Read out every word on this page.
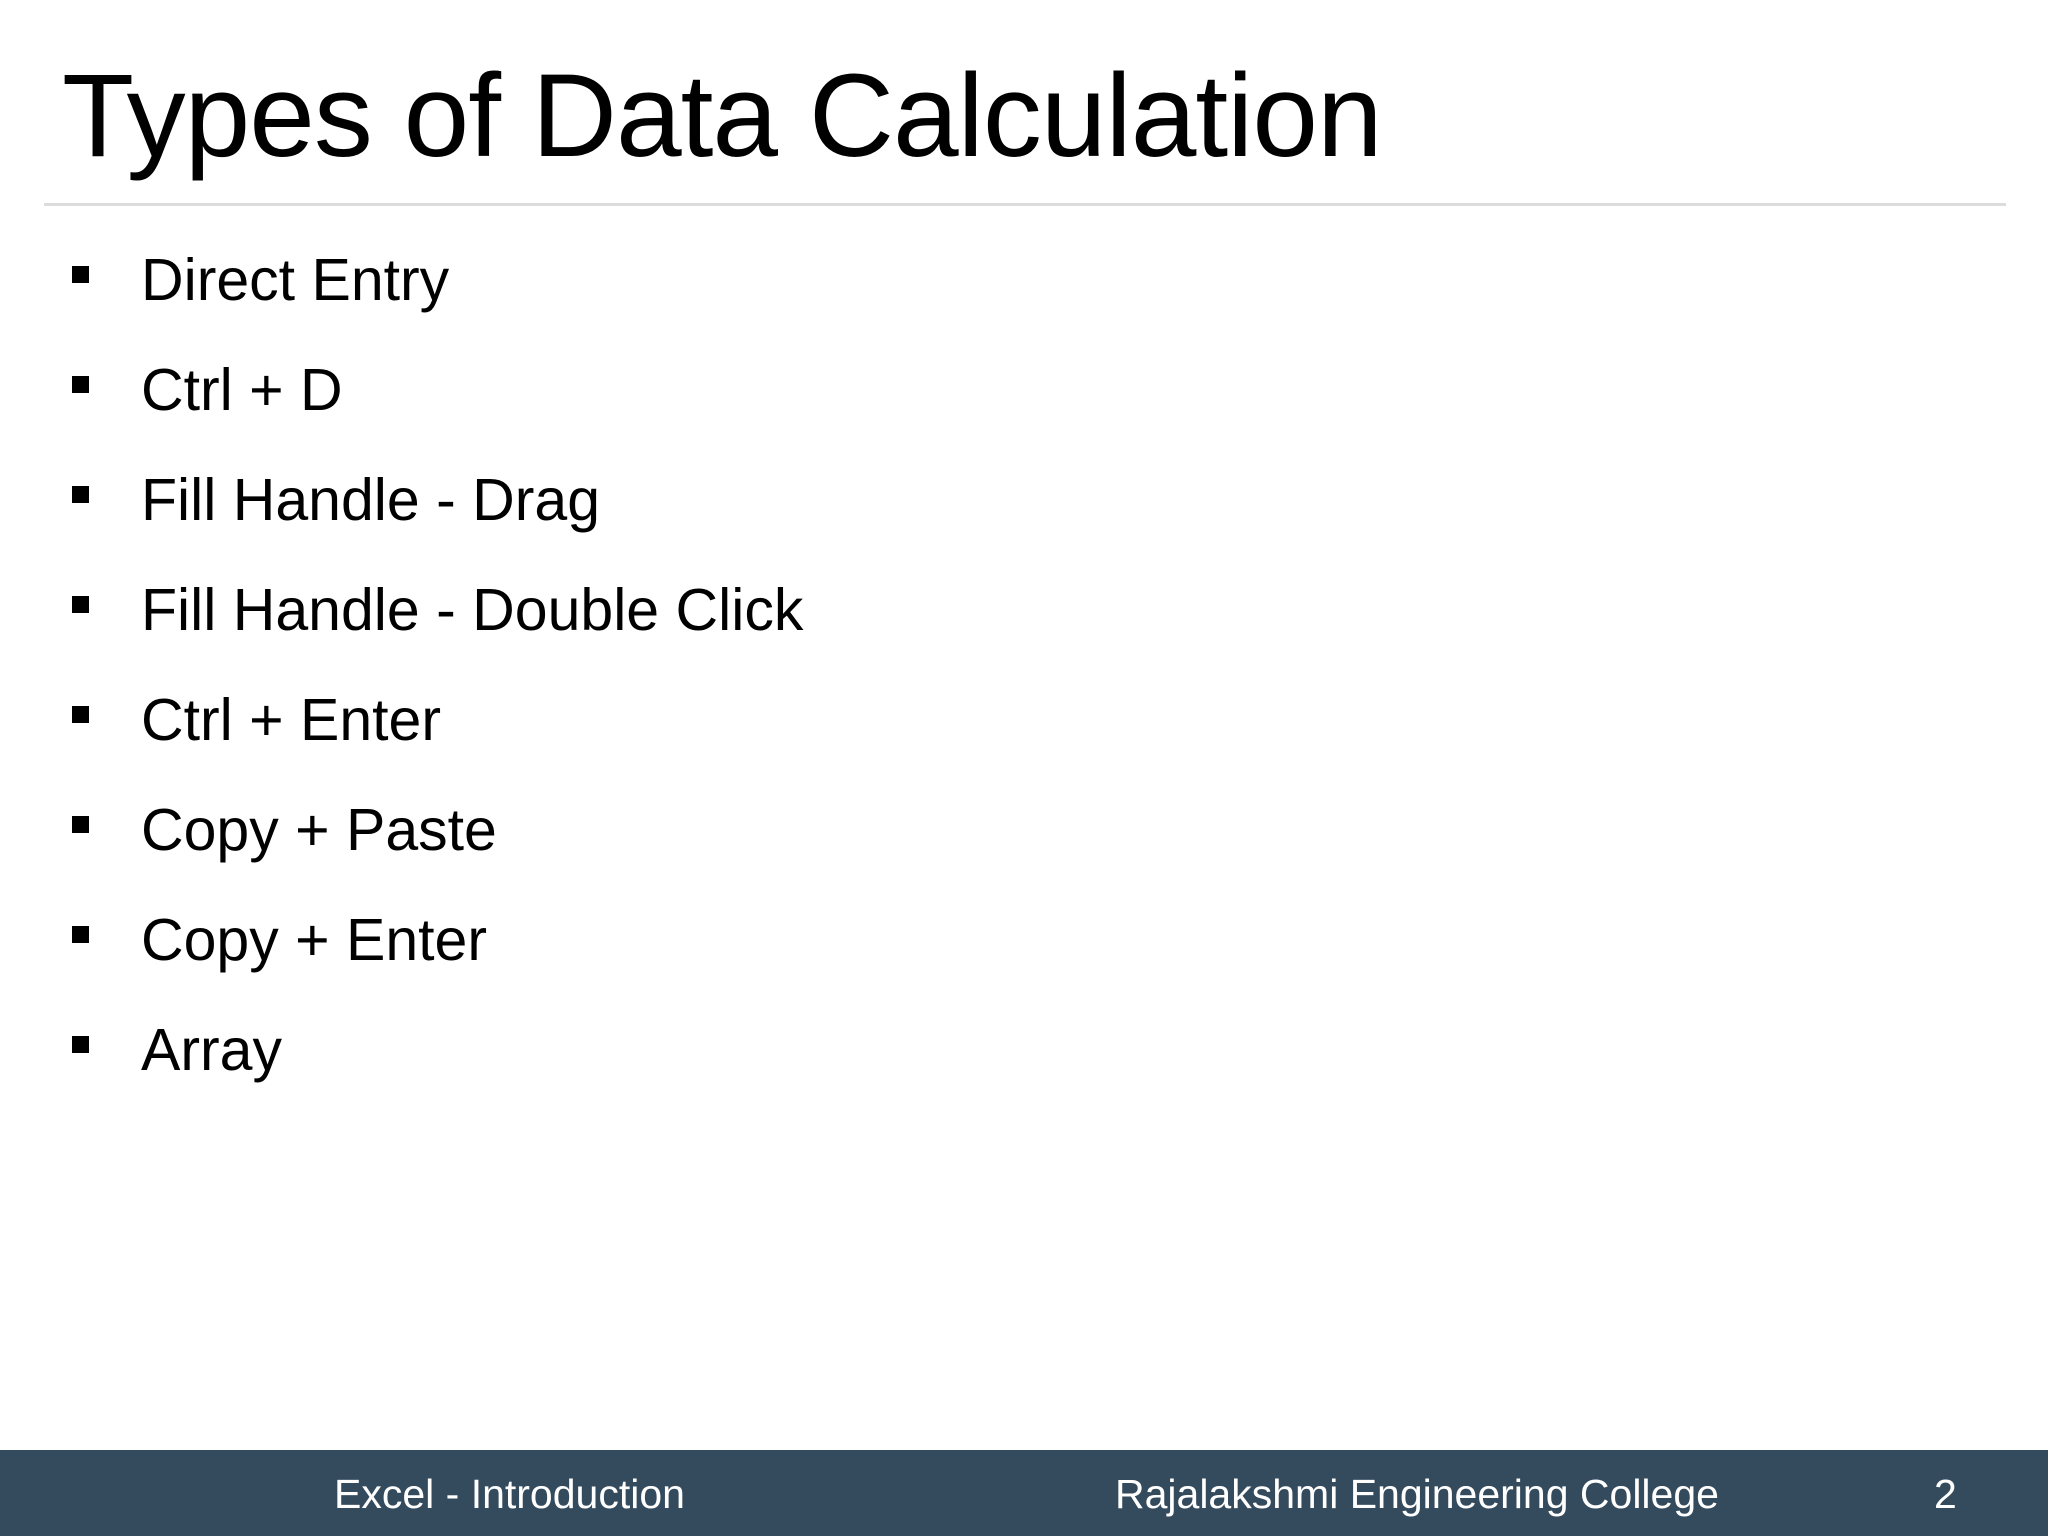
Types of Data Calculation
Direct Entry
Ctrl + D
Fill Handle - Drag
Fill Handle - Double Click
Ctrl + Enter
Copy + Paste
Copy + Enter
Array
Excel - Introduction	Rajalakshmi Engineering College	2
